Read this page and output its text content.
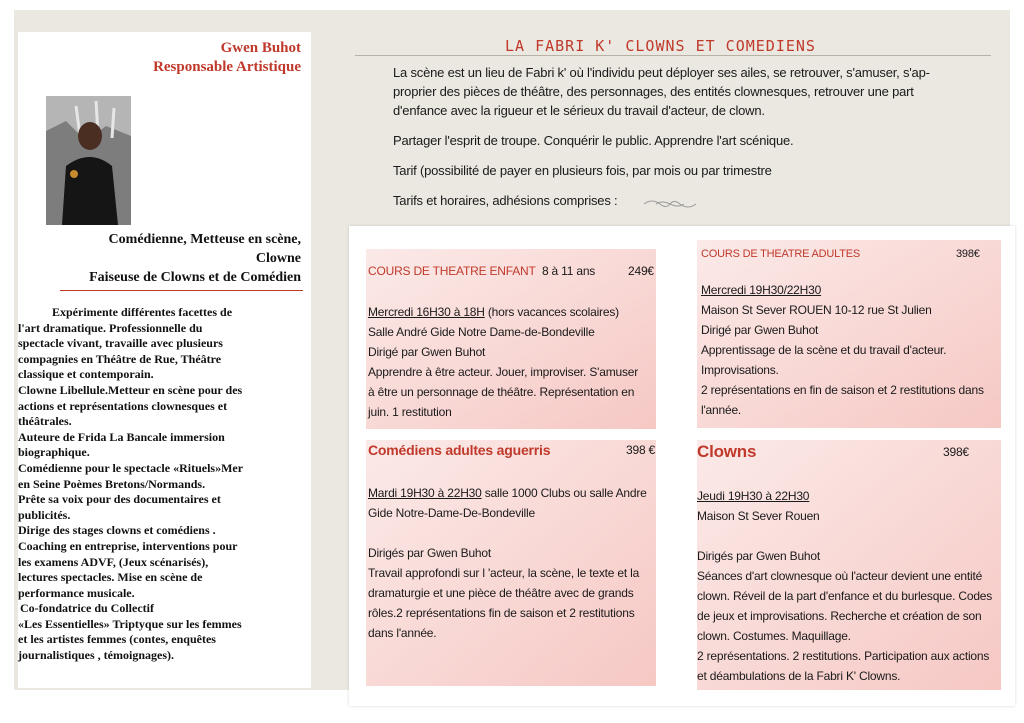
Gwen Buhot
Responsable Artistique
Comédienne, Metteuse en scène,
Clowne
Faiseuse de Clowns et de Comédien
Expérimente différentes facettes de
l'art dramatique. Professionnelle du
spectacle vivant, travaille avec plusieurs
compagnies en Théâtre de Rue, Théâtre
classique et contemporain.
Clowne Libellule.Metteur en scène pour des
actions et représentations clownesques et
théâtrales.
Auteure de Frida La Bancale immersion
biographique.
Comédienne pour le spectacle «Rituels»Mer
en Seine Poèmes Bretons/Normands.
Prête sa voix pour des documentaires et
publicités.
Dirige des stages clowns et comédiens .
Coaching en entreprise, interventions pour
les examens ADVF, (Jeux scénarisés),
lectures spectacles. Mise en scène de
performance musicale.
Co-fondatrice du Collectif
«Les Essentielles» Triptyque sur les femmes
et les artistes femmes (contes, enquêtes
journalistiques , témoignages).
LA FABRI K' CLOWNS ET COMEDIENS

La scène est un lieu de Fabri k' où l'individu peut déployer ses ailes, se retrouver, s'amuser, s'ap-
proprier des pièces de théâtre, des personnages, des entités clownesques, retrouver une part
d'enfance avec la rigueur et le sérieux du travail d'acteur, de clown.

Partager l'esprit de troupe. Conquérir le public. Apprendre l'art scénique.

Tarif (possibilité de payer en plusieurs fois, par mois ou par trimestre

Tarifs et horaires, adhésions comprises :

COURS DE THEATRE ENFANT 8 à 11 ans	249€
Mercredi 16H30 à 18H (hors vacances scolaires)
Salle André Gide Notre Dame-de-Bondeville
Dirigé par Gwen Buhot
Apprendre à être acteur. Jouer, improviser. S'amuser
à être un personnage de théâtre. Représentation en
juin. 1 restitution
COURS DE THEATRE ADULTES	398€
Mercredi 19H30/22H30
Maison St Sever ROUEN 10-12 rue St Julien
Dirigé par Gwen Buhot
Apprentissage de la scène et du travail d'acteur.
Improvisations.
2 représentations en fin de saison et 2 restitutions dans
l'année.
Comédiens adultes aguerris	398 €
Mardi 19H30 à 22H30 salle 1000 Clubs ou salle Andre
Gide Notre-Dame-De-Bondeville
Dirigés par Gwen Buhot
Travail approfondi sur l 'acteur, la scène, le texte et la
dramaturgie et une pièce de théâtre avec de grands
rôles.2 représentations fin de saison et 2 restitutions
dans l'année.
Clowns	398€
Jeudi 19H30 à 22H30
Maison St Sever Rouen
Dirigés par Gwen Buhot
Séances d'art clownesque où l'acteur devient une entité
clown. Réveil de la part d'enfance et du burlesque. Codes
de jeux et improvisations. Recherche et création de son
clown. Costumes. Maquillage.
2 représentations. 2 restitutions. Participation aux actions
et déambulations de la Fabri K' Clowns.
